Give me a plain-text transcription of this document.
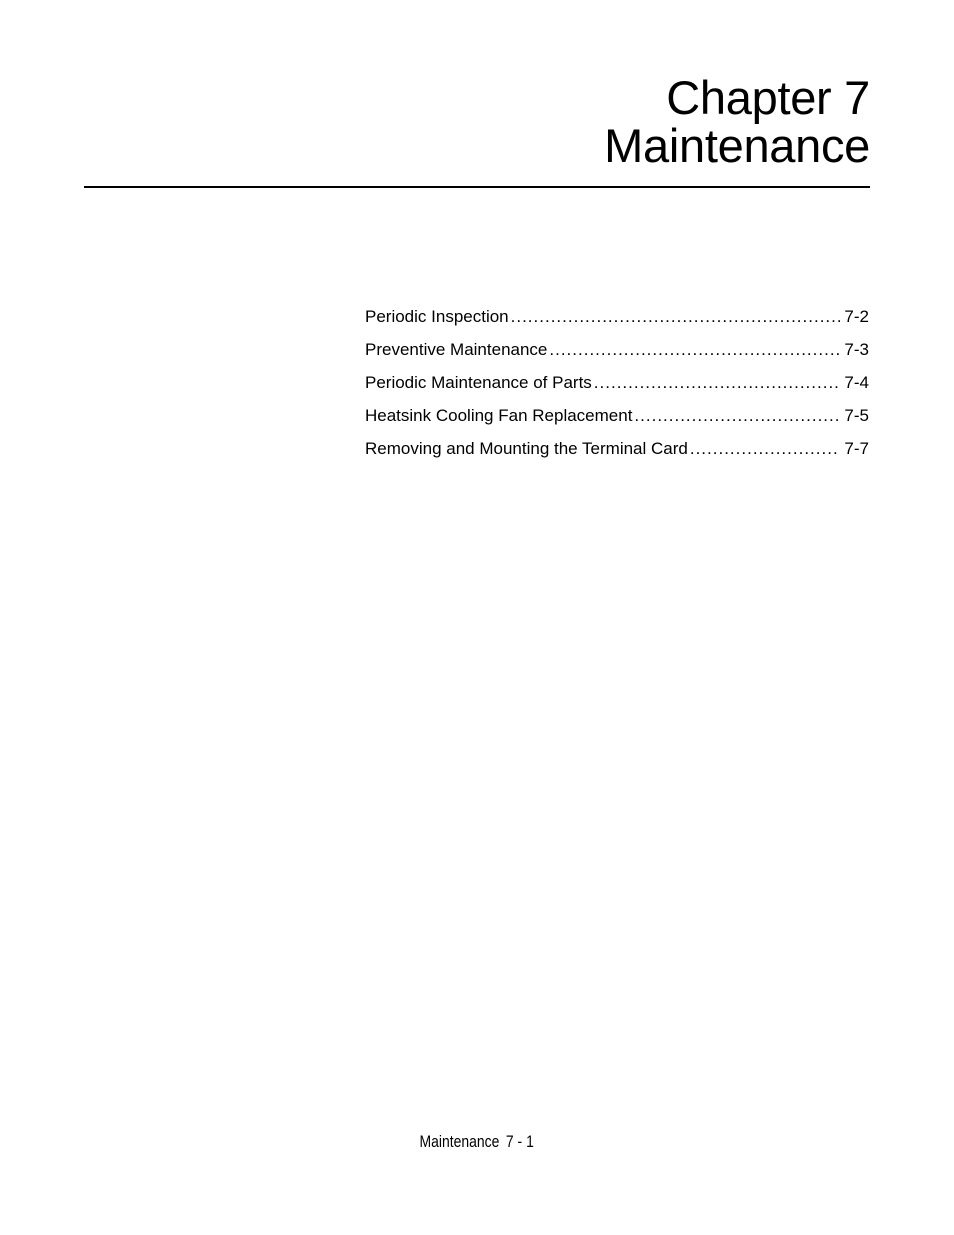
Chapter 7
Maintenance
Periodic Inspection .....	7-2
Preventive Maintenance .....	7-3
Periodic Maintenance of Parts .....	7-4
Heatsink Cooling Fan Replacement .....	7-5
Removing and Mounting the Terminal Card .....	7-7
Maintenance 7 - 1
